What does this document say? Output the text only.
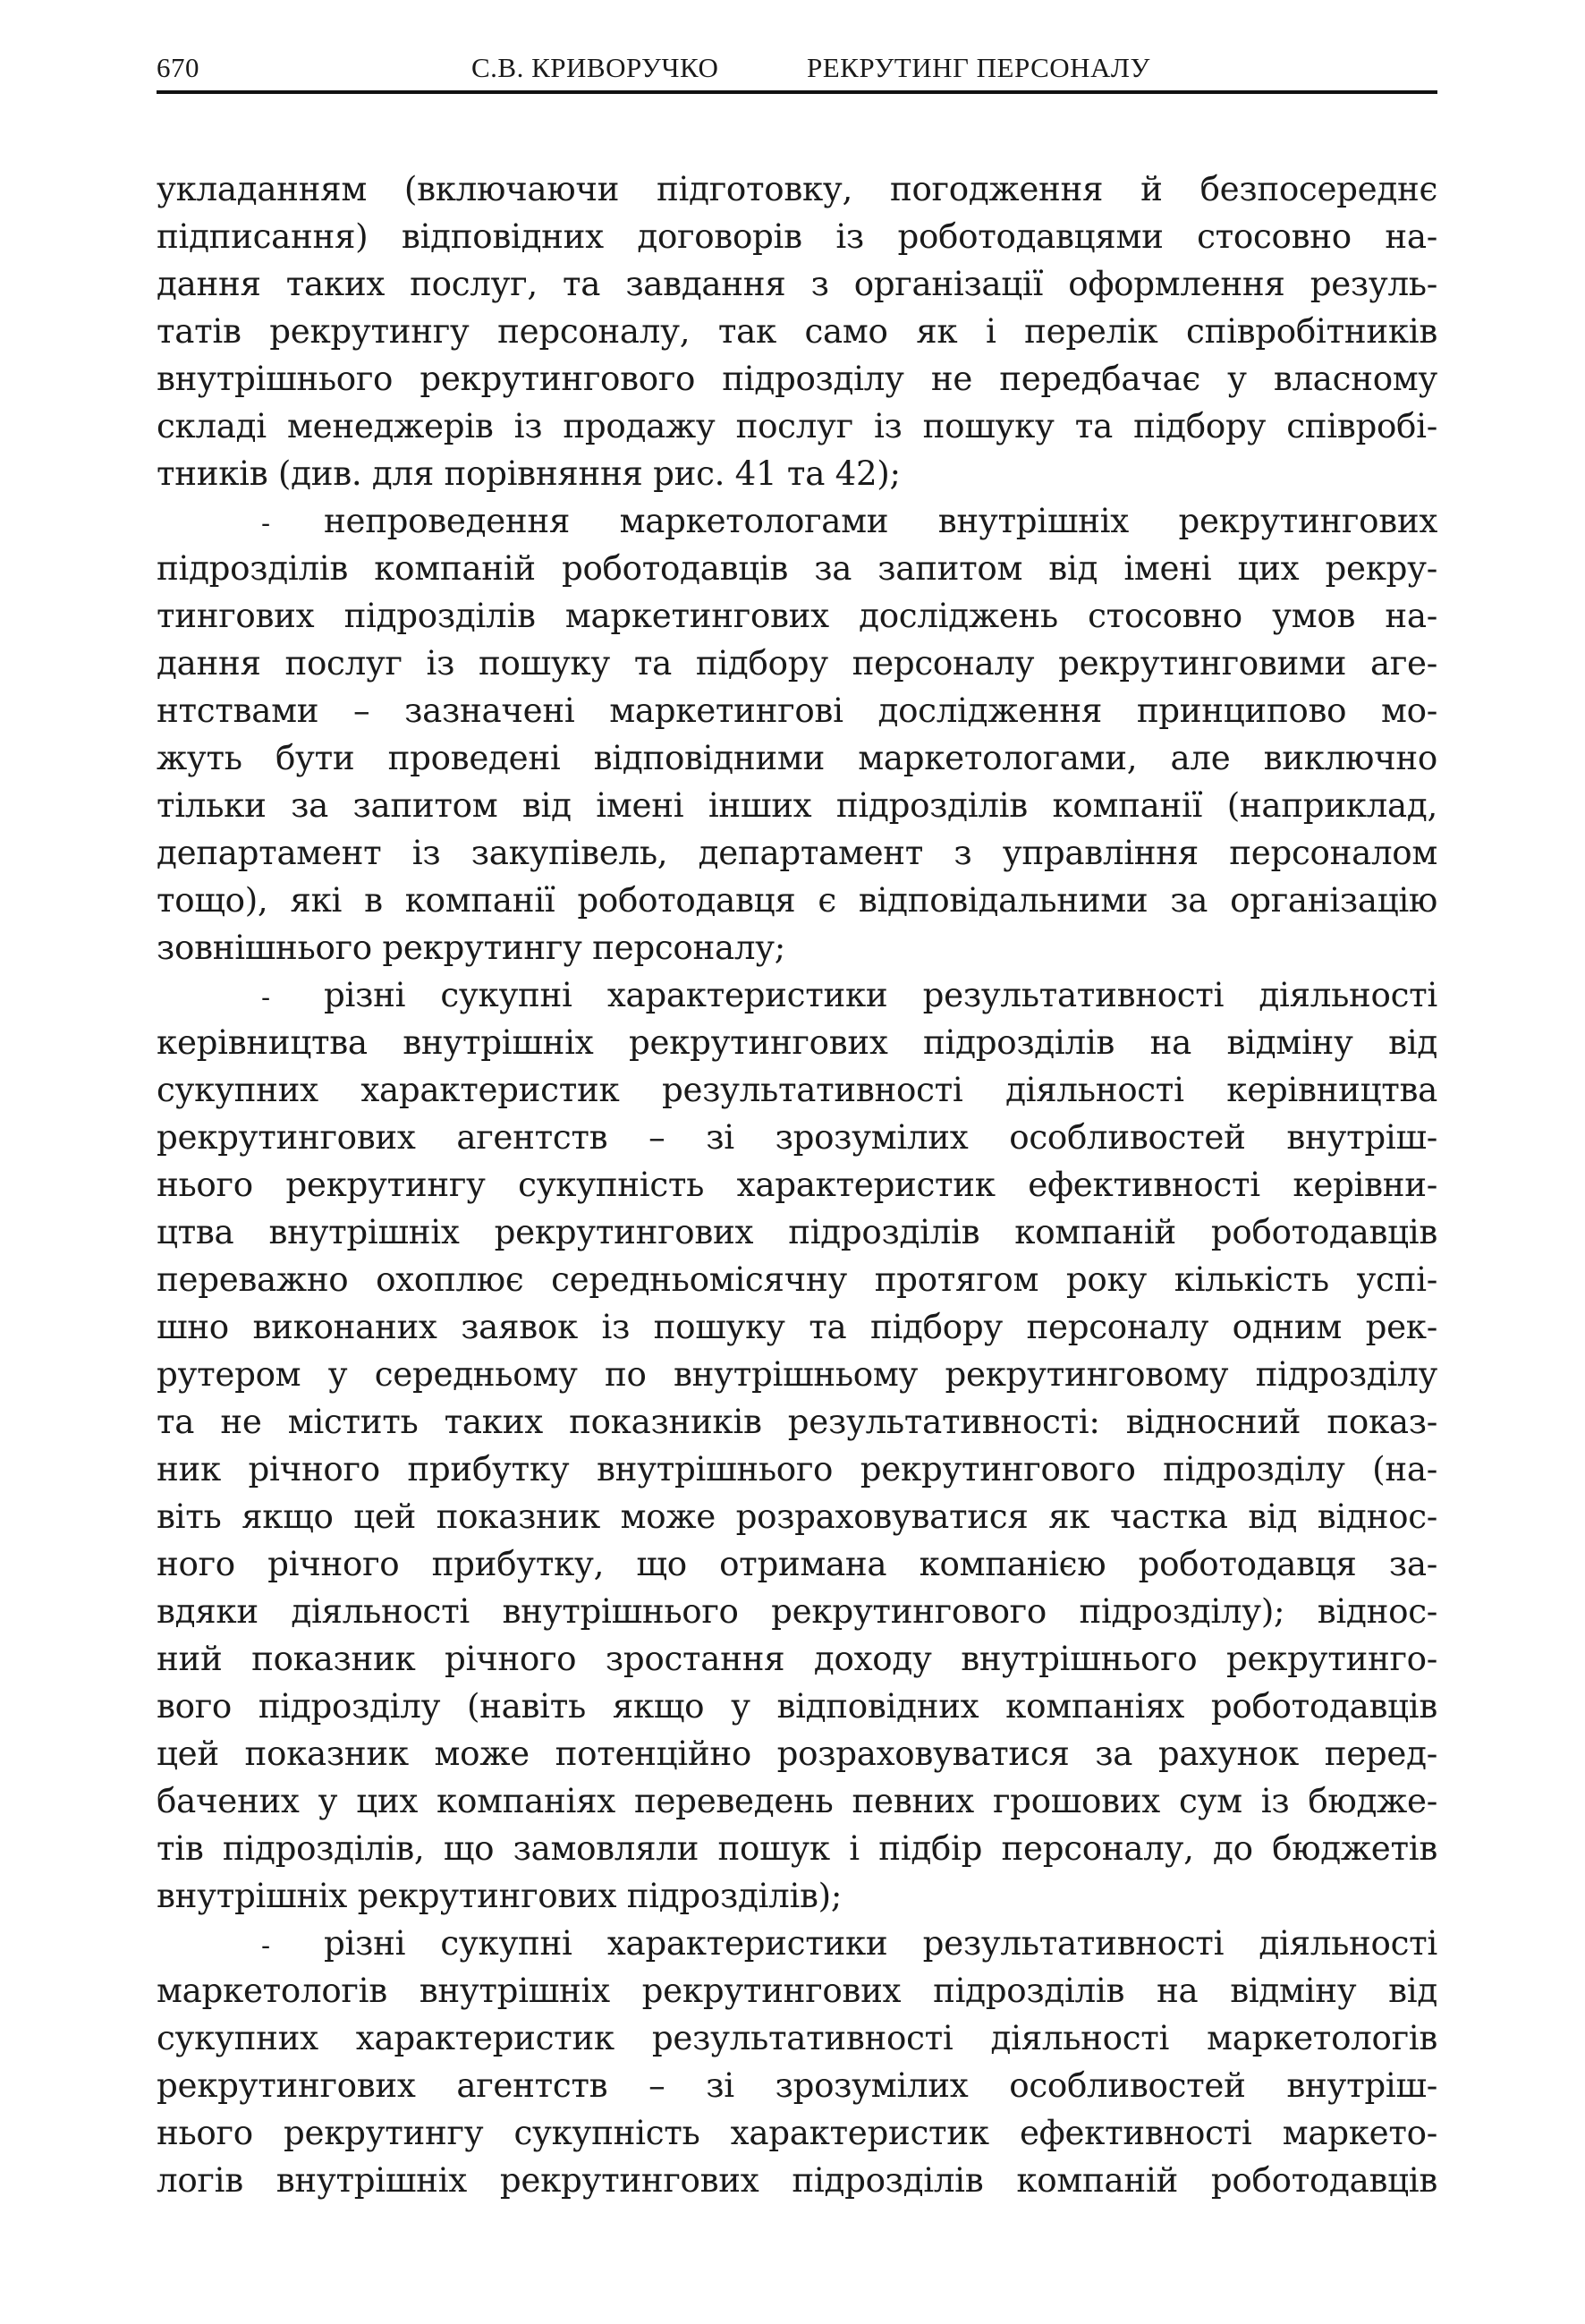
670	С.В. КРИВОРУЧКО	РЕКРУТИНГ ПЕРСОНАЛУ
укладанням (включаючи підготовку, погодження й безпосереднє
підписання) відповідних договорів із роботодавцями стосовно на-
дання таких послуг, та завдання з організації оформлення резуль-
татів рекрутингу персоналу, так само як і перелік співробітників
внутрішнього рекрутингового підрозділу не передбачає у власному
складі менеджерів із продажу послуг із пошуку та підбору співробі-
тників (див. для порівняння рис. 41 та 42);
- непроведення маркетологами внутрішніх рекрутингових
підрозділів компаній роботодавців за запитом від імені цих рекру-
тингових підрозділів маркетингових досліджень стосовно умов на-
дання послуг із пошуку та підбору персоналу рекрутинговими аге-
нтствами – зазначені маркетингові дослідження принципово мо-
жуть бути проведені відповідними маркетологами, але виключно
тільки за запитом від імені інших підрозділів компанії (наприклад,
департамент із закупівель, департамент з управління персоналом
тощо), які в компанії роботодавця є відповідальними за організацію
зовнішнього рекрутингу персоналу;
- різні сукупні характеристики результативності діяльності
керівництва внутрішніх рекрутингових підрозділів на відміну від
сукупних характеристик результативності діяльності керівництва
рекрутингових агентств – зі зрозумілих особливостей внутріш-
нього рекрутингу сукупність характеристик ефективності керівни-
цтва внутрішніх рекрутингових підрозділів компаній роботодавців
переважно охоплює середньомісячну протягом року кількість успі-
шно виконаних заявок із пошуку та підбору персоналу одним рек-
рутером у середньому по внутрішньому рекрутинговому підрозділу
та не містить таких показників результативності: відносний показ-
ник річного прибутку внутрішнього рекрутингового підрозділу (на-
віть якщо цей показник може розраховуватися як частка від віднос-
ного річного прибутку, що отримана компанією роботодавця за-
вдяки діяльності внутрішнього рекрутингового підрозділу); віднос-
ний показник річного зростання доходу внутрішнього рекрутинго-
вого підрозділу (навіть якщо у відповідних компаніях роботодавців
цей показник може потенційно розраховуватися за рахунок перед-
бачених у цих компаніях переведень певних грошових сум із бюдже-
тів підрозділів, що замовляли пошук і підбір персоналу, до бюджетів
внутрішніх рекрутингових підрозділів);
- різні сукупні характеристики результативності діяльності
маркетологів внутрішніх рекрутингових підрозділів на відміну від
сукупних характеристик результативності діяльності маркетологів
рекрутингових агентств – зі зрозумілих особливостей внутріш-
нього рекрутингу сукупність характеристик ефективності маркето-
логів внутрішніх рекрутингових підрозділів компаній роботодавців
